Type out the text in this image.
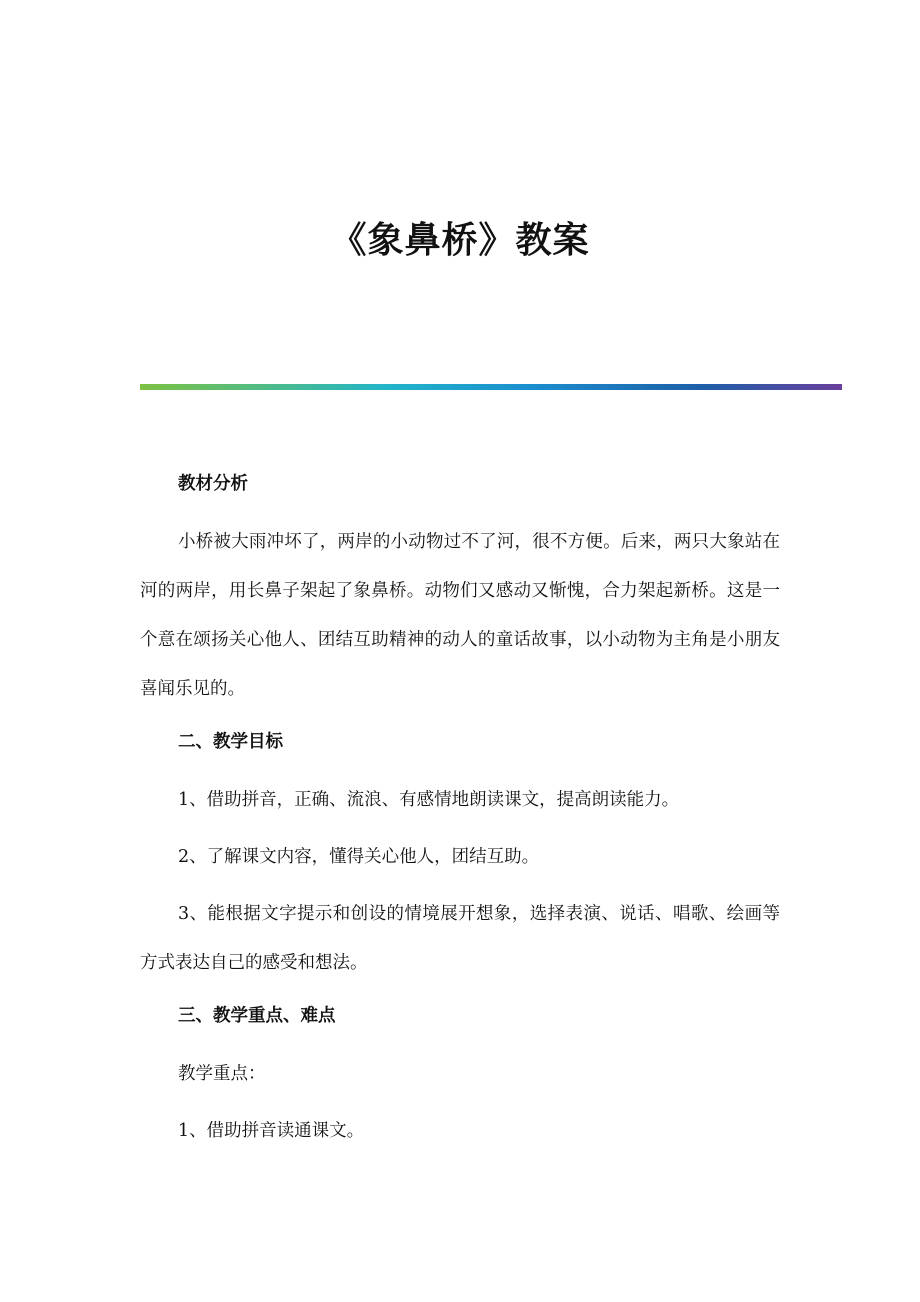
《象鼻桥》教案

教材分析

小桥被大雨冲坏了，两岸的小动物过不了河，很不方便。后来，两只大象站在河的两岸，用长鼻子架起了象鼻桥。动物们又感动又惭愧，合力架起新桥。这是一个意在颂扬关心他人、团结互助精神的动人的童话故事，以小动物为主角是小朋友喜闻乐见的。

二、教学目标

1、借助拼音，正确、流浪、有感情地朗读课文，提高朗读能力。

2、了解课文内容，懂得关心他人，团结互助。

3、能根据文字提示和创设的情境展开想象，选择表演、说话、唱歌、绘画等方式表达自己的感受和想法。

三、教学重点、难点

教学重点：

1、借助拼音读通课文。
